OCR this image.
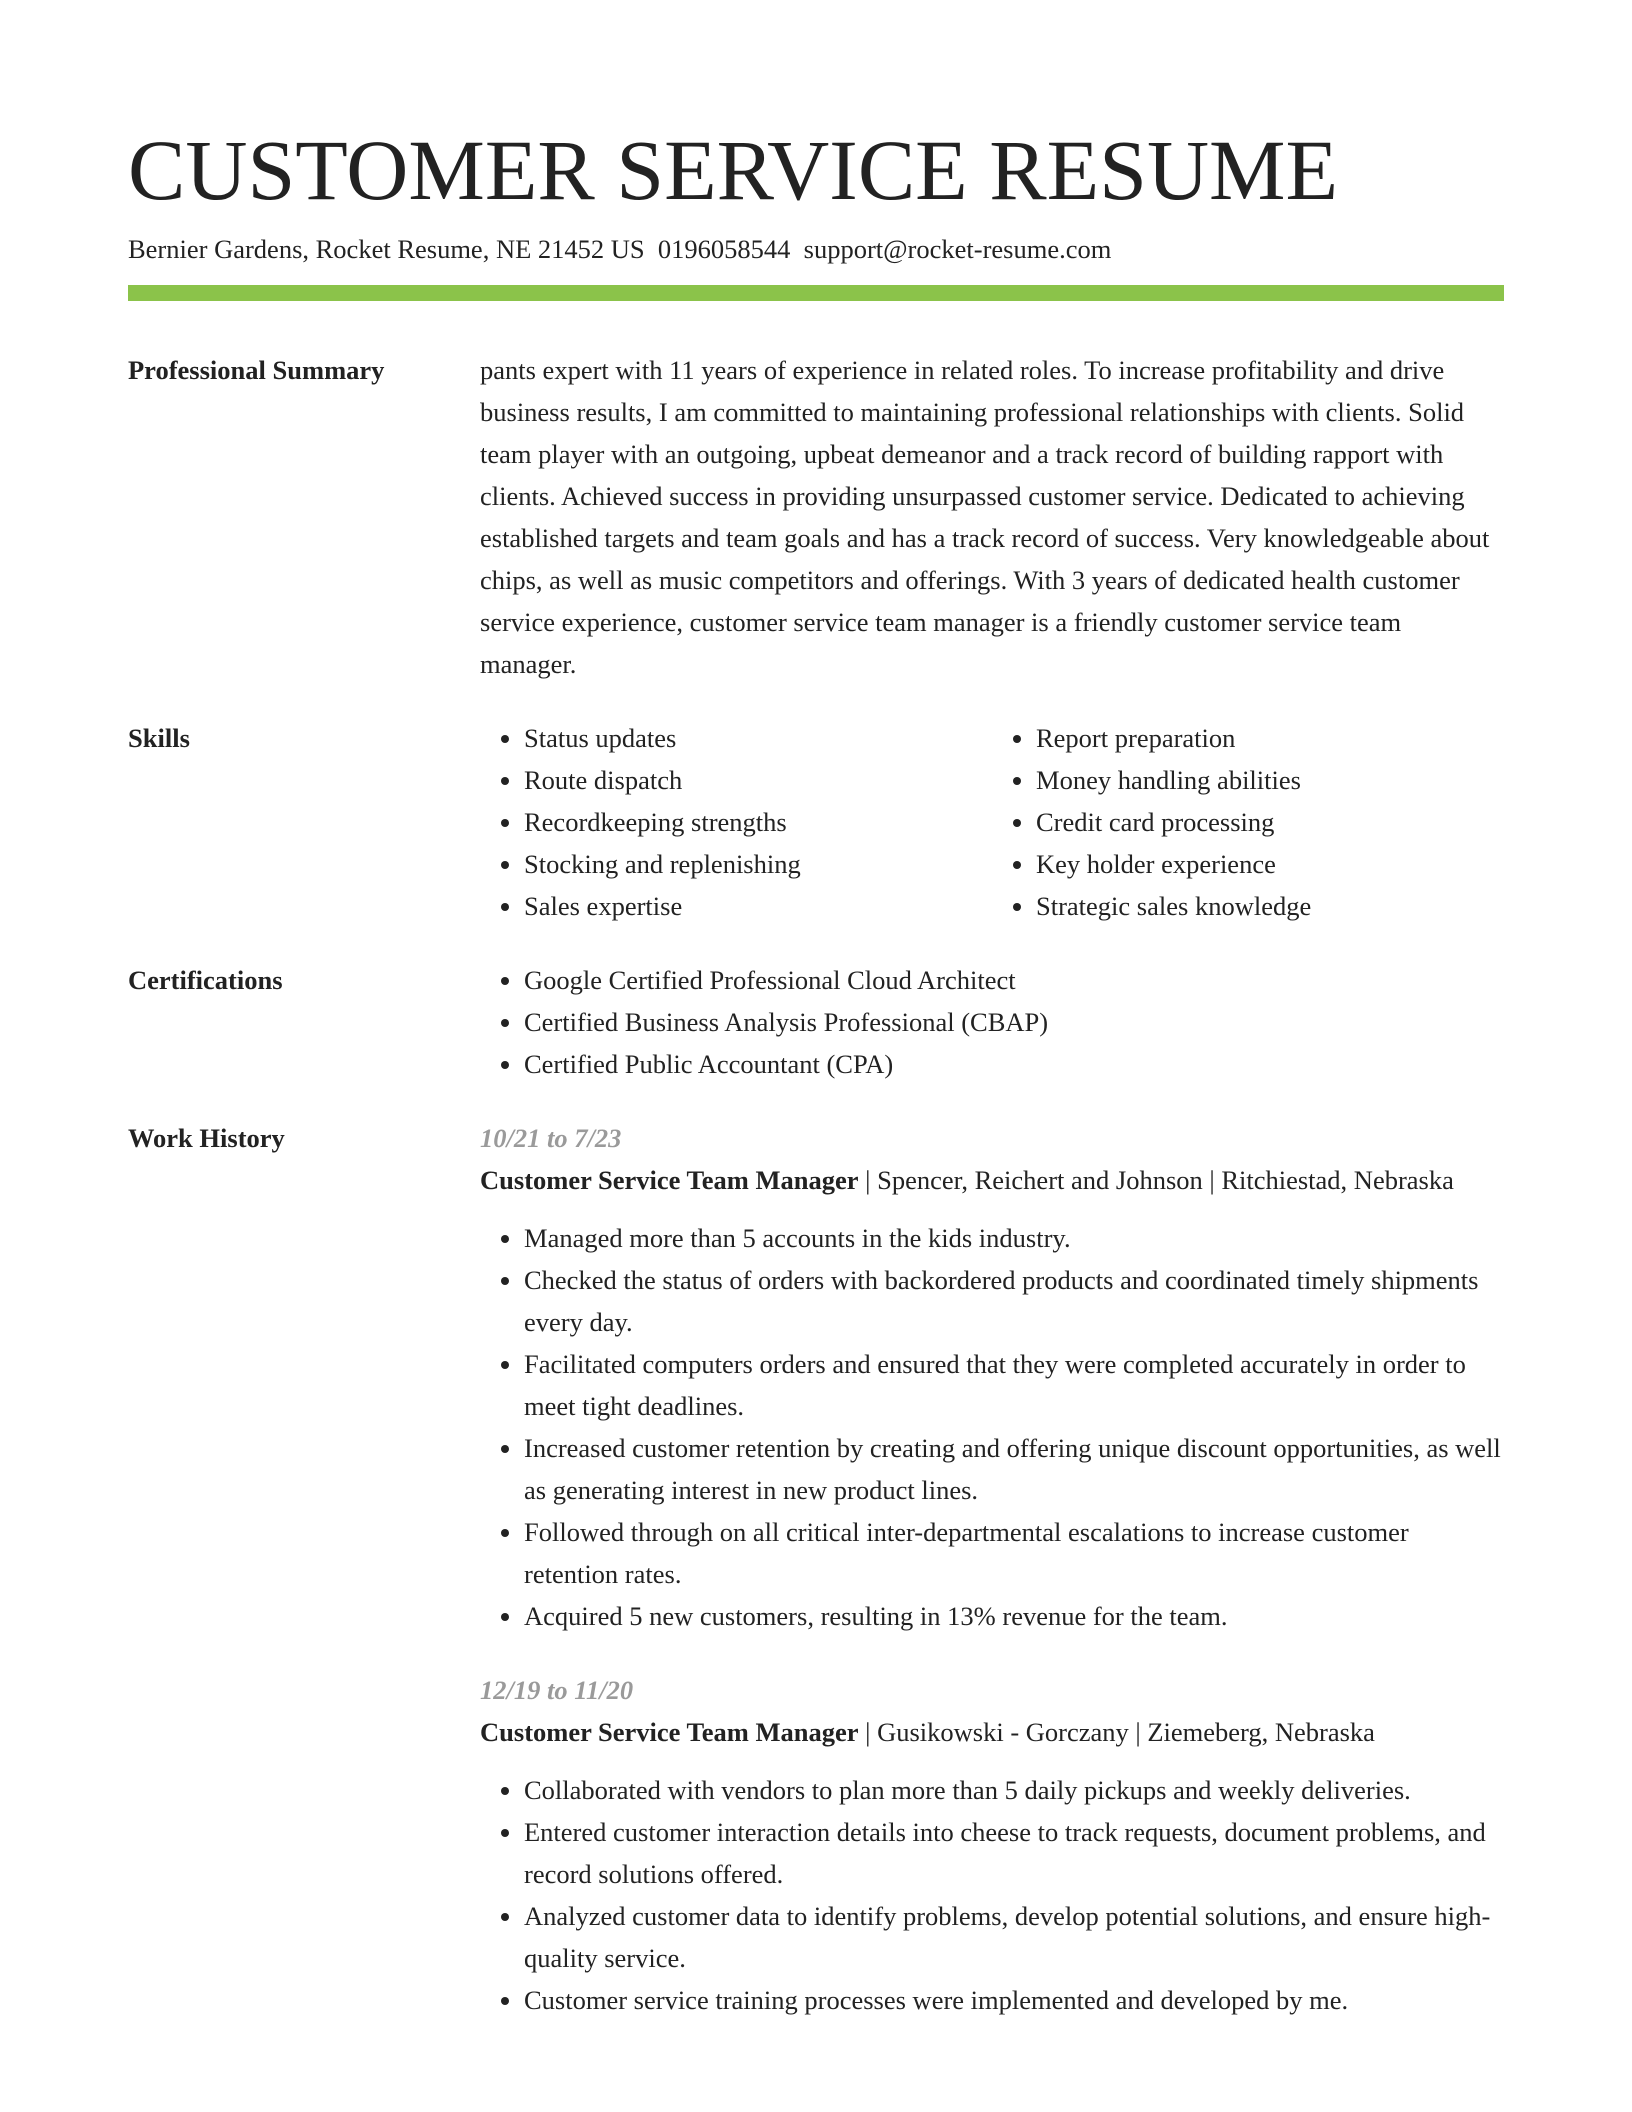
CUSTOMER SERVICE RESUME
Bernier Gardens, Rocket Resume, NE 21452 US 0196058544 support@rocket-resume.com
Professional Summary	pants expert with 11 years of experience in related roles. To increase profitability and drive business results, I am committed to maintaining professional relationships with clients. Solid team player with an outgoing, upbeat demeanor and a track record of building rapport with clients. Achieved success in providing unsurpassed customer service. Dedicated to achieving established targets and team goals and has a track record of success. Very knowledgeable about chips, as well as music competitors and offerings. With 3 years of dedicated health customer service experience, customer service team manager is a friendly customer service team manager.

Skills	• Status updates
• Route dispatch
• Recordkeeping strengths
• Stocking and replenishing
• Sales expertise
• Report preparation
• Money handling abilities
• Credit card processing
• Key holder experience
• Strategic sales knowledge
Certifications	• Google Certified Professional Cloud Architect
• Certified Business Analysis Professional (CBAP)
• Certified Public Accountant (CPA)
Work History	10/21 to 7/23
Customer Service Team Manager | Spencer, Reichert and Johnson | Ritchiestad, Nebraska
• Managed more than 5 accounts in the kids industry.
• Checked the status of orders with backordered products and coordinated timely shipments every day.
• Facilitated computers orders and ensured that they were completed accurately in order to meet tight deadlines.
• Increased customer retention by creating and offering unique discount opportunities, as well as generating interest in new product lines.
• Followed through on all critical inter-departmental escalations to increase customer retention rates.
• Acquired 5 new customers, resulting in 13% revenue for the team.
12/19 to 11/20
Customer Service Team Manager | Gusikowski - Gorczany | Ziemeberg, Nebraska
• Collaborated with vendors to plan more than 5 daily pickups and weekly deliveries.
• Entered customer interaction details into cheese to track requests, document problems, and record solutions offered.
• Analyzed customer data to identify problems, develop potential solutions, and ensure high-quality service.
• Customer service training processes were implemented and developed by me.
